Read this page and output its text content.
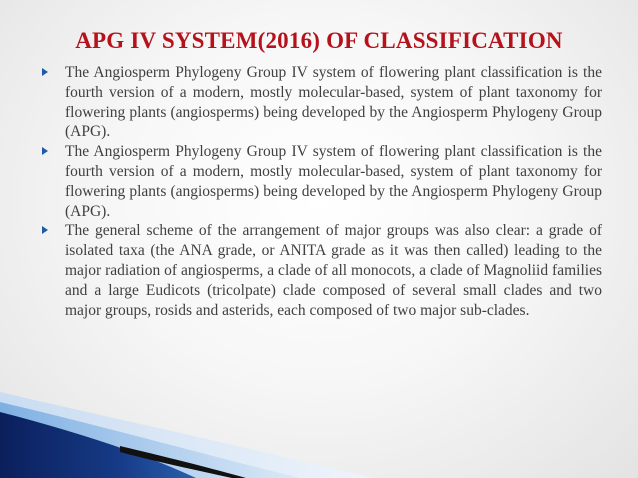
APG IV SYSTEM(2016) OF CLASSIFICATION
The Angiosperm Phylogeny Group IV system of flowering plant classification is the fourth version of a modern, mostly molecular-based, system of plant taxonomy for flowering plants (angiosperms) being developed by the Angiosperm Phylogeny Group (APG).
The Angiosperm Phylogeny Group IV system of flowering plant classification is the fourth version of a modern, mostly molecular-based, system of plant taxonomy for flowering plants (angiosperms) being developed by the Angiosperm Phylogeny Group (APG).
The general scheme of the arrangement of major groups was also clear: a grade of isolated taxa (the ANA grade, or ANITA grade as it was then called) leading to the major radiation of angiosperms, a clade of all monocots, a clade of Magnoliid families and a large Eudicots (tricolpate) clade composed of several small clades and two major groups, rosids and asterids, each composed of two major sub-clades.
